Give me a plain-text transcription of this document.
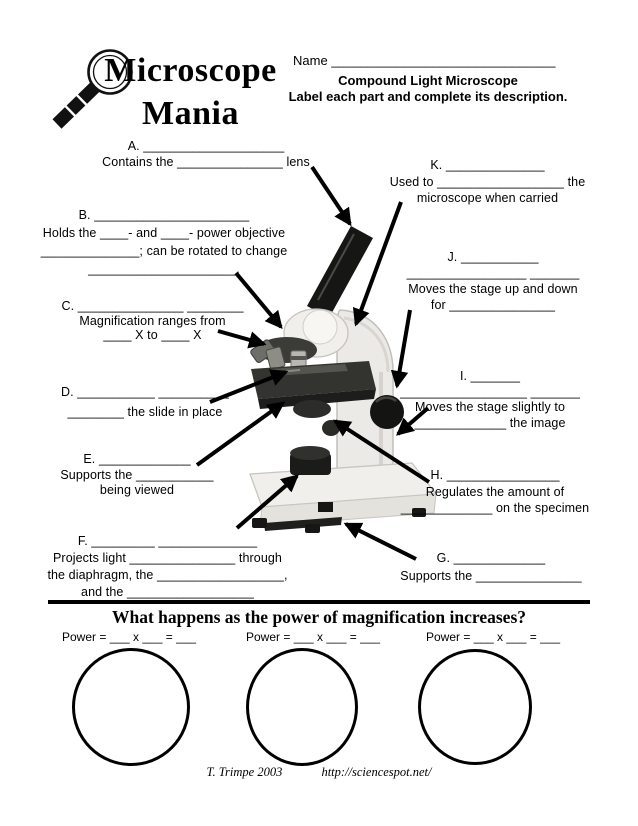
Microscope
Mania
Name _______________________________
Compound Light Microscope
Label each part and complete its description.
A. ____________________
Contains the _______________ lens
B. ______________________
Holds the ____- and ____- power objective
______________; can be rotated to change
_____________________.
C. _______________ ________
Magnification ranges from
____ X to ____ X
D. ___________ __________
________ the slide in place
E. _____________
Supports the ___________
being viewed
F. _________ ______________
Projects light _______________ through
the diaphragm, the __________________,
and the __________________
G. _____________
Supports the _______________
H. ________________
Regulates the amount of
_____________ on the specimen
I. _______
__________________ _______
Moves the stage slightly to
_____________ the image
J. ___________
_________________ _______
Moves the stage up and down
for _______________
K. ______________
Used to __________________ the
microscope when carried
What happens as the power of magnification increases?
Power = ___ x ___ = ___	Power = ___ x ___ = ___	Power = ___ x ___ = ___
T. Trimpe 2003	http://sciencespot.net/
